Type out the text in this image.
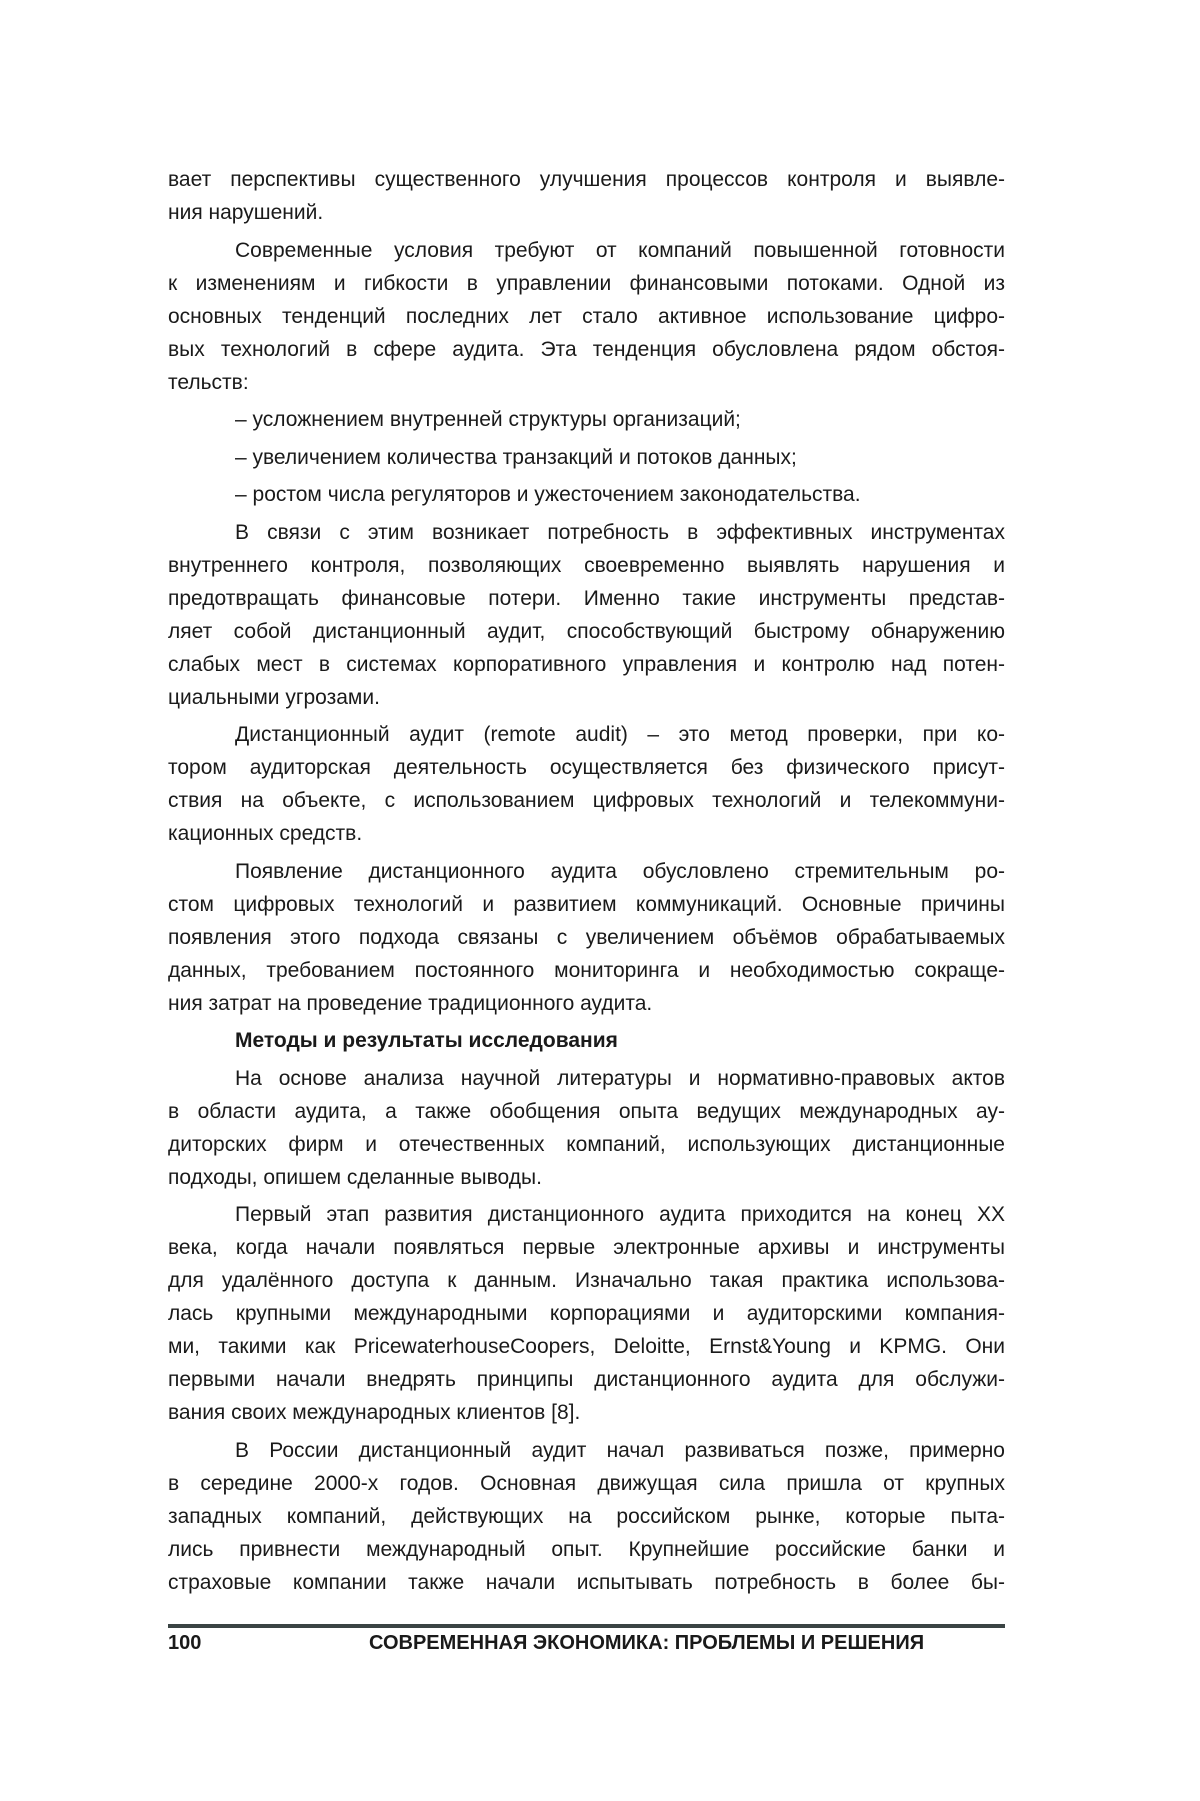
вает перспективы существенного улучшения процессов контроля и выявле-
ния нарушений.
Современные условия требуют от компаний повышенной готовности
к изменениям и гибкости в управлении финансовыми потоками. Одной из
основных тенденций последних лет стало активное использование цифро-
вых технологий в сфере аудита. Эта тенденция обусловлена рядом обстоя-
тельств:
– усложнением внутренней структуры организаций;
– увеличением количества транзакций и потоков данных;
– ростом числа регуляторов и ужесточением законодательства.
В связи с этим возникает потребность в эффективных инструментах
внутреннего контроля, позволяющих своевременно выявлять нарушения и
предотвращать финансовые потери. Именно такие инструменты представ-
ляет собой дистанционный аудит, способствующий быстрому обнаружению
слабых мест в системах корпоративного управления и контролю над потен-
циальными угрозами.
Дистанционный аудит (remote audit) – это метод проверки, при ко-
тором аудиторская деятельность осуществляется без физического присут-
ствия на объекте, с использованием цифровых технологий и телекоммуни-
кационных средств.
Появление дистанционного аудита обусловлено стремительным ро-
стом цифровых технологий и развитием коммуникаций. Основные причины
появления этого подхода связаны с увеличением объёмов обрабатываемых
данных, требованием постоянного мониторинга и необходимостью сокраще-
ния затрат на проведение традиционного аудита.
Методы и результаты исследования
На основе анализа научной литературы и нормативно-правовых актов
в области аудита, а также обобщения опыта ведущих международных ау-
диторских фирм и отечественных компаний, использующих дистанционные
подходы, опишем сделанные выводы.
Первый этап развития дистанционного аудита приходится на конец XX
века, когда начали появляться первые электронные архивы и инструменты
для удалённого доступа к данным. Изначально такая практика использова-
лась крупными международными корпорациями и аудиторскими компания-
ми, такими как PricewaterhouseCoopers, Deloitte, Ernst&Young и KPMG. Они
первыми начали внедрять принципы дистанционного аудита для обслужи-
вания своих международных клиентов [8].
В России дистанционный аудит начал развиваться позже, примерно
в середине 2000-х годов. Основная движущая сила пришла от крупных
западных компаний, действующих на российском рынке, которые пыта-
лись привнести международный опыт. Крупнейшие российские банки и
страховые компании также начали испытывать потребность в более бы-
100	СОВРЕМЕННАЯ ЭКОНОМИКА: ПРОБЛЕМЫ И РЕШЕНИЯ
